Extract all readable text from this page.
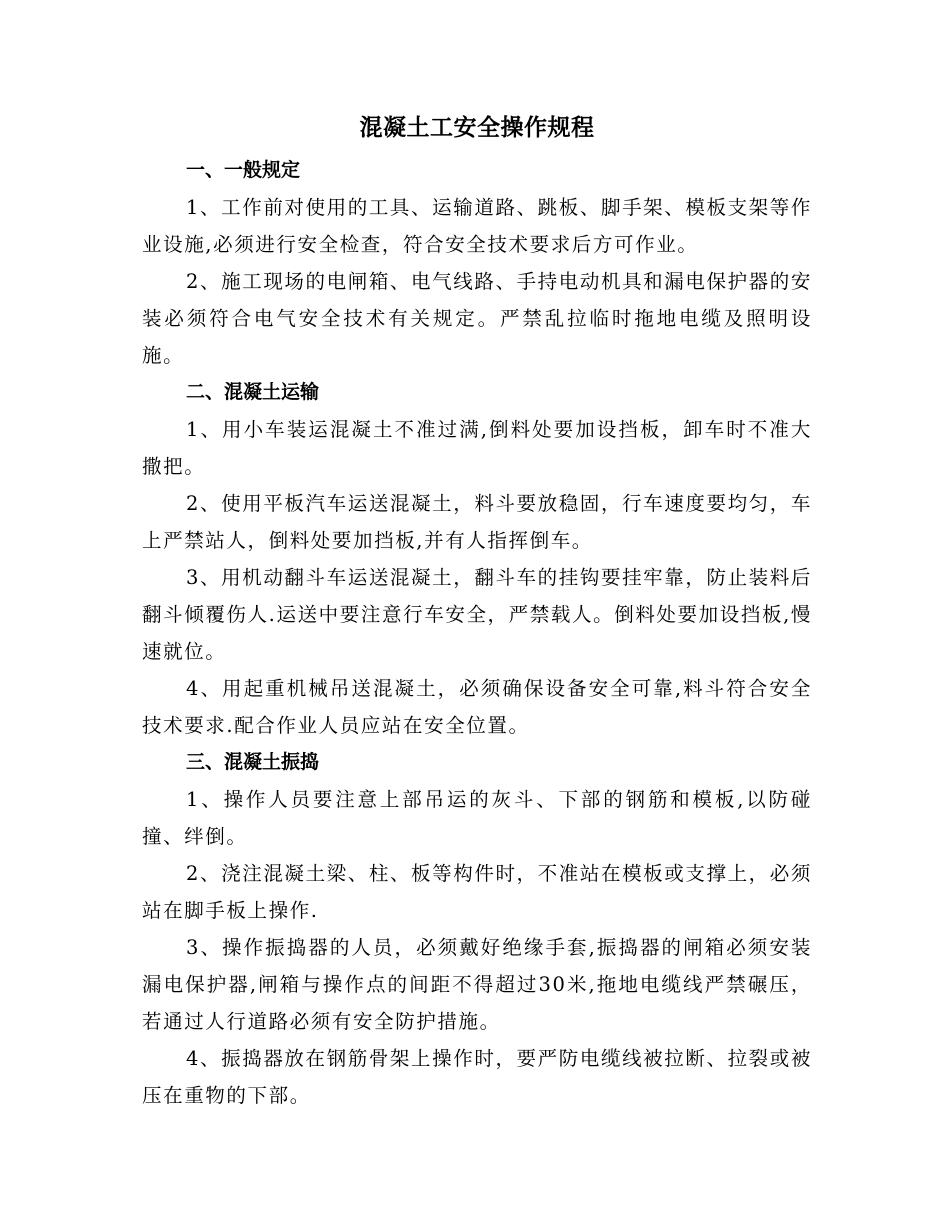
混凝土工安全操作规程
一、一般规定

1、工作前对使用的工具、运输道路、跳板、脚手架、模板支架等作业设施,必须进行安全检查，符合安全技术要求后方可作业。

2、施工现场的电闸箱、电气线路、手持电动机具和漏电保护器的安装必须符合电气安全技术有关规定。严禁乱拉临时拖地电缆及照明设施。

二、混凝土运输

1、用小车装运混凝土不准过满,倒料处要加设挡板，卸车时不准大撒把。

2、使用平板汽车运送混凝土，料斗要放稳固，行车速度要均匀，车上严禁站人，倒料处要加挡板,并有人指挥倒车。

3、用机动翻斗车运送混凝土，翻斗车的挂钩要挂牢靠，防止装料后翻斗倾覆伤人.运送中要注意行车安全，严禁载人。倒料处要加设挡板,慢速就位。

4、用起重机械吊送混凝土，必须确保设备安全可靠,料斗符合安全技术要求.配合作业人员应站在安全位置。

三、混凝土振捣

1、操作人员要注意上部吊运的灰斗、下部的钢筋和模板,以防碰撞、绊倒。

2、浇注混凝土梁、柱、板等构件时，不准站在模板或支撑上，必须站在脚手板上操作.

3、操作振捣器的人员，必须戴好绝缘手套,振捣器的闸箱必须安装漏电保护器,闸箱与操作点的间距不得超过30米,拖地电缆线严禁碾压，若通过人行道路必须有安全防护措施。

4、振捣器放在钢筋骨架上操作时，要严防电缆线被拉断、拉裂或被压在重物的下部。
